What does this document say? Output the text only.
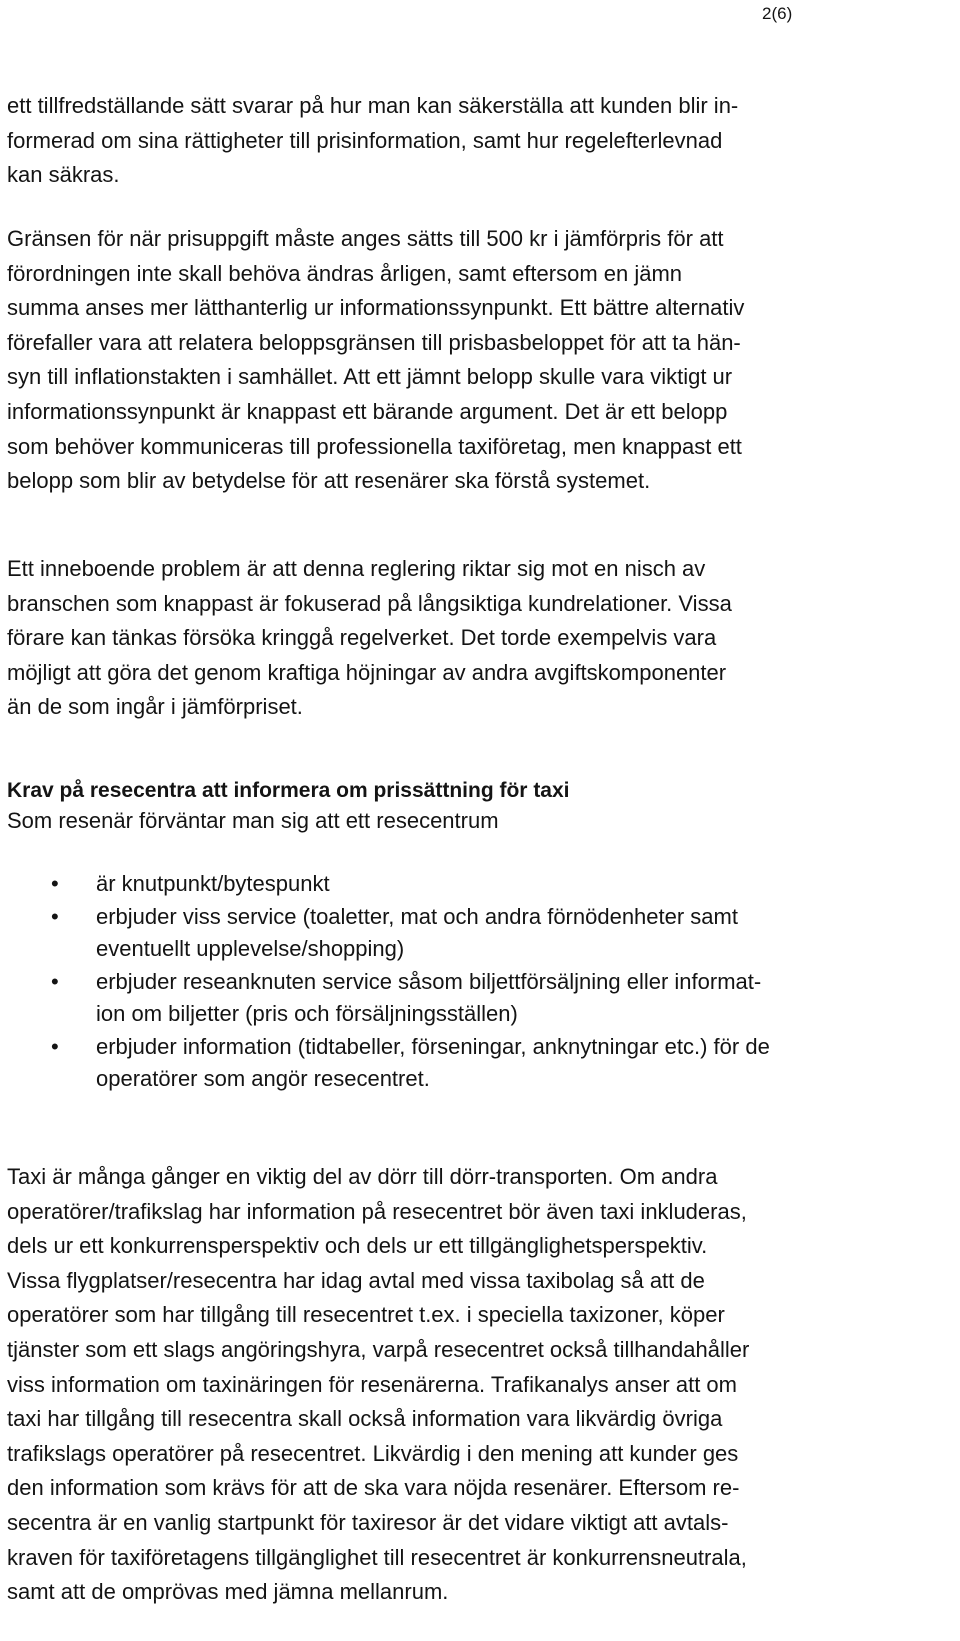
2(6)

ett tillfredställande sätt svarar på hur man kan säkerställa att kunden blir in-
formerad om sina rättigheter till prisinformation, samt hur regelefterlevnad
kan säkras.

Gränsen för när prisuppgift måste anges sätts till 500 kr i jämförpris för att
förordningen inte skall behöva ändras årligen, samt eftersom en jämn
summa anses mer lätthanterlig ur informationssynpunkt. Ett bättre alternativ
förefaller vara att relatera beloppsgränsen till prisbasbeloppet för att ta hän-
syn till inflationstakten i samhället. Att ett jämnt belopp skulle vara viktigt ur
informationssynpunkt är knappast ett bärande argument. Det är ett belopp
som behöver kommuniceras till professionella taxiföretag, men knappast ett
belopp som blir av betydelse för att resenärer ska förstå systemet.

Ett inneboende problem är att denna reglering riktar sig mot en nisch av
branschen som knappast är fokuserad på långsiktiga kundrelationer. Vissa
förare kan tänkas försöka kringgå regelverket. Det torde exempelvis vara
möjligt att göra det genom kraftiga höjningar av andra avgiftskomponenter
än de som ingår i jämförpriset.

Krav på resecentra att informera om prissättning för taxi

Som resenär förväntar man sig att ett resecentrum

• är knutpunkt/bytespunkt
• erbjuder viss service (toaletter, mat och andra förnödenheter samt
eventuellt upplevelse/shopping)
• erbjuder reseanknuten service såsom biljettförsäljning eller informat-
ion om biljetter (pris och försäljningsställen)
• erbjuder information (tidtabeller, förseningar, anknytningar etc.) för de
operatörer som angör resecentret.

Taxi är många gånger en viktig del av dörr till dörr-transporten. Om andra
operatörer/trafikslag har information på resecentret bör även taxi inkluderas,
dels ur ett konkurrensperspektiv och dels ur ett tillgänglighetsperspektiv.
Vissa flygplatser/resecentra har idag avtal med vissa taxibolag så att de
operatörer som har tillgång till resecentret t.ex. i speciella taxizoner, köper
tjänster som ett slags angöringshyra, varpå resecentret också tillhandahåller
viss information om taxinäringen för resenärerna. Trafikanalys anser att om
taxi har tillgång till resecentra skall också information vara likvärdig övriga
trafikslags operatörer på resecentret. Likvärdig i den mening att kunder ges
den information som krävs för att de ska vara nöjda resenärer. Eftersom re-
secentra är en vanlig startpunkt för taxiresor är det vidare viktigt att avtals-
kraven för taxiföretagens tillgänglighet till resecentret är konkurrensneutrala,
samt att de omprövas med jämna mellanrum.
